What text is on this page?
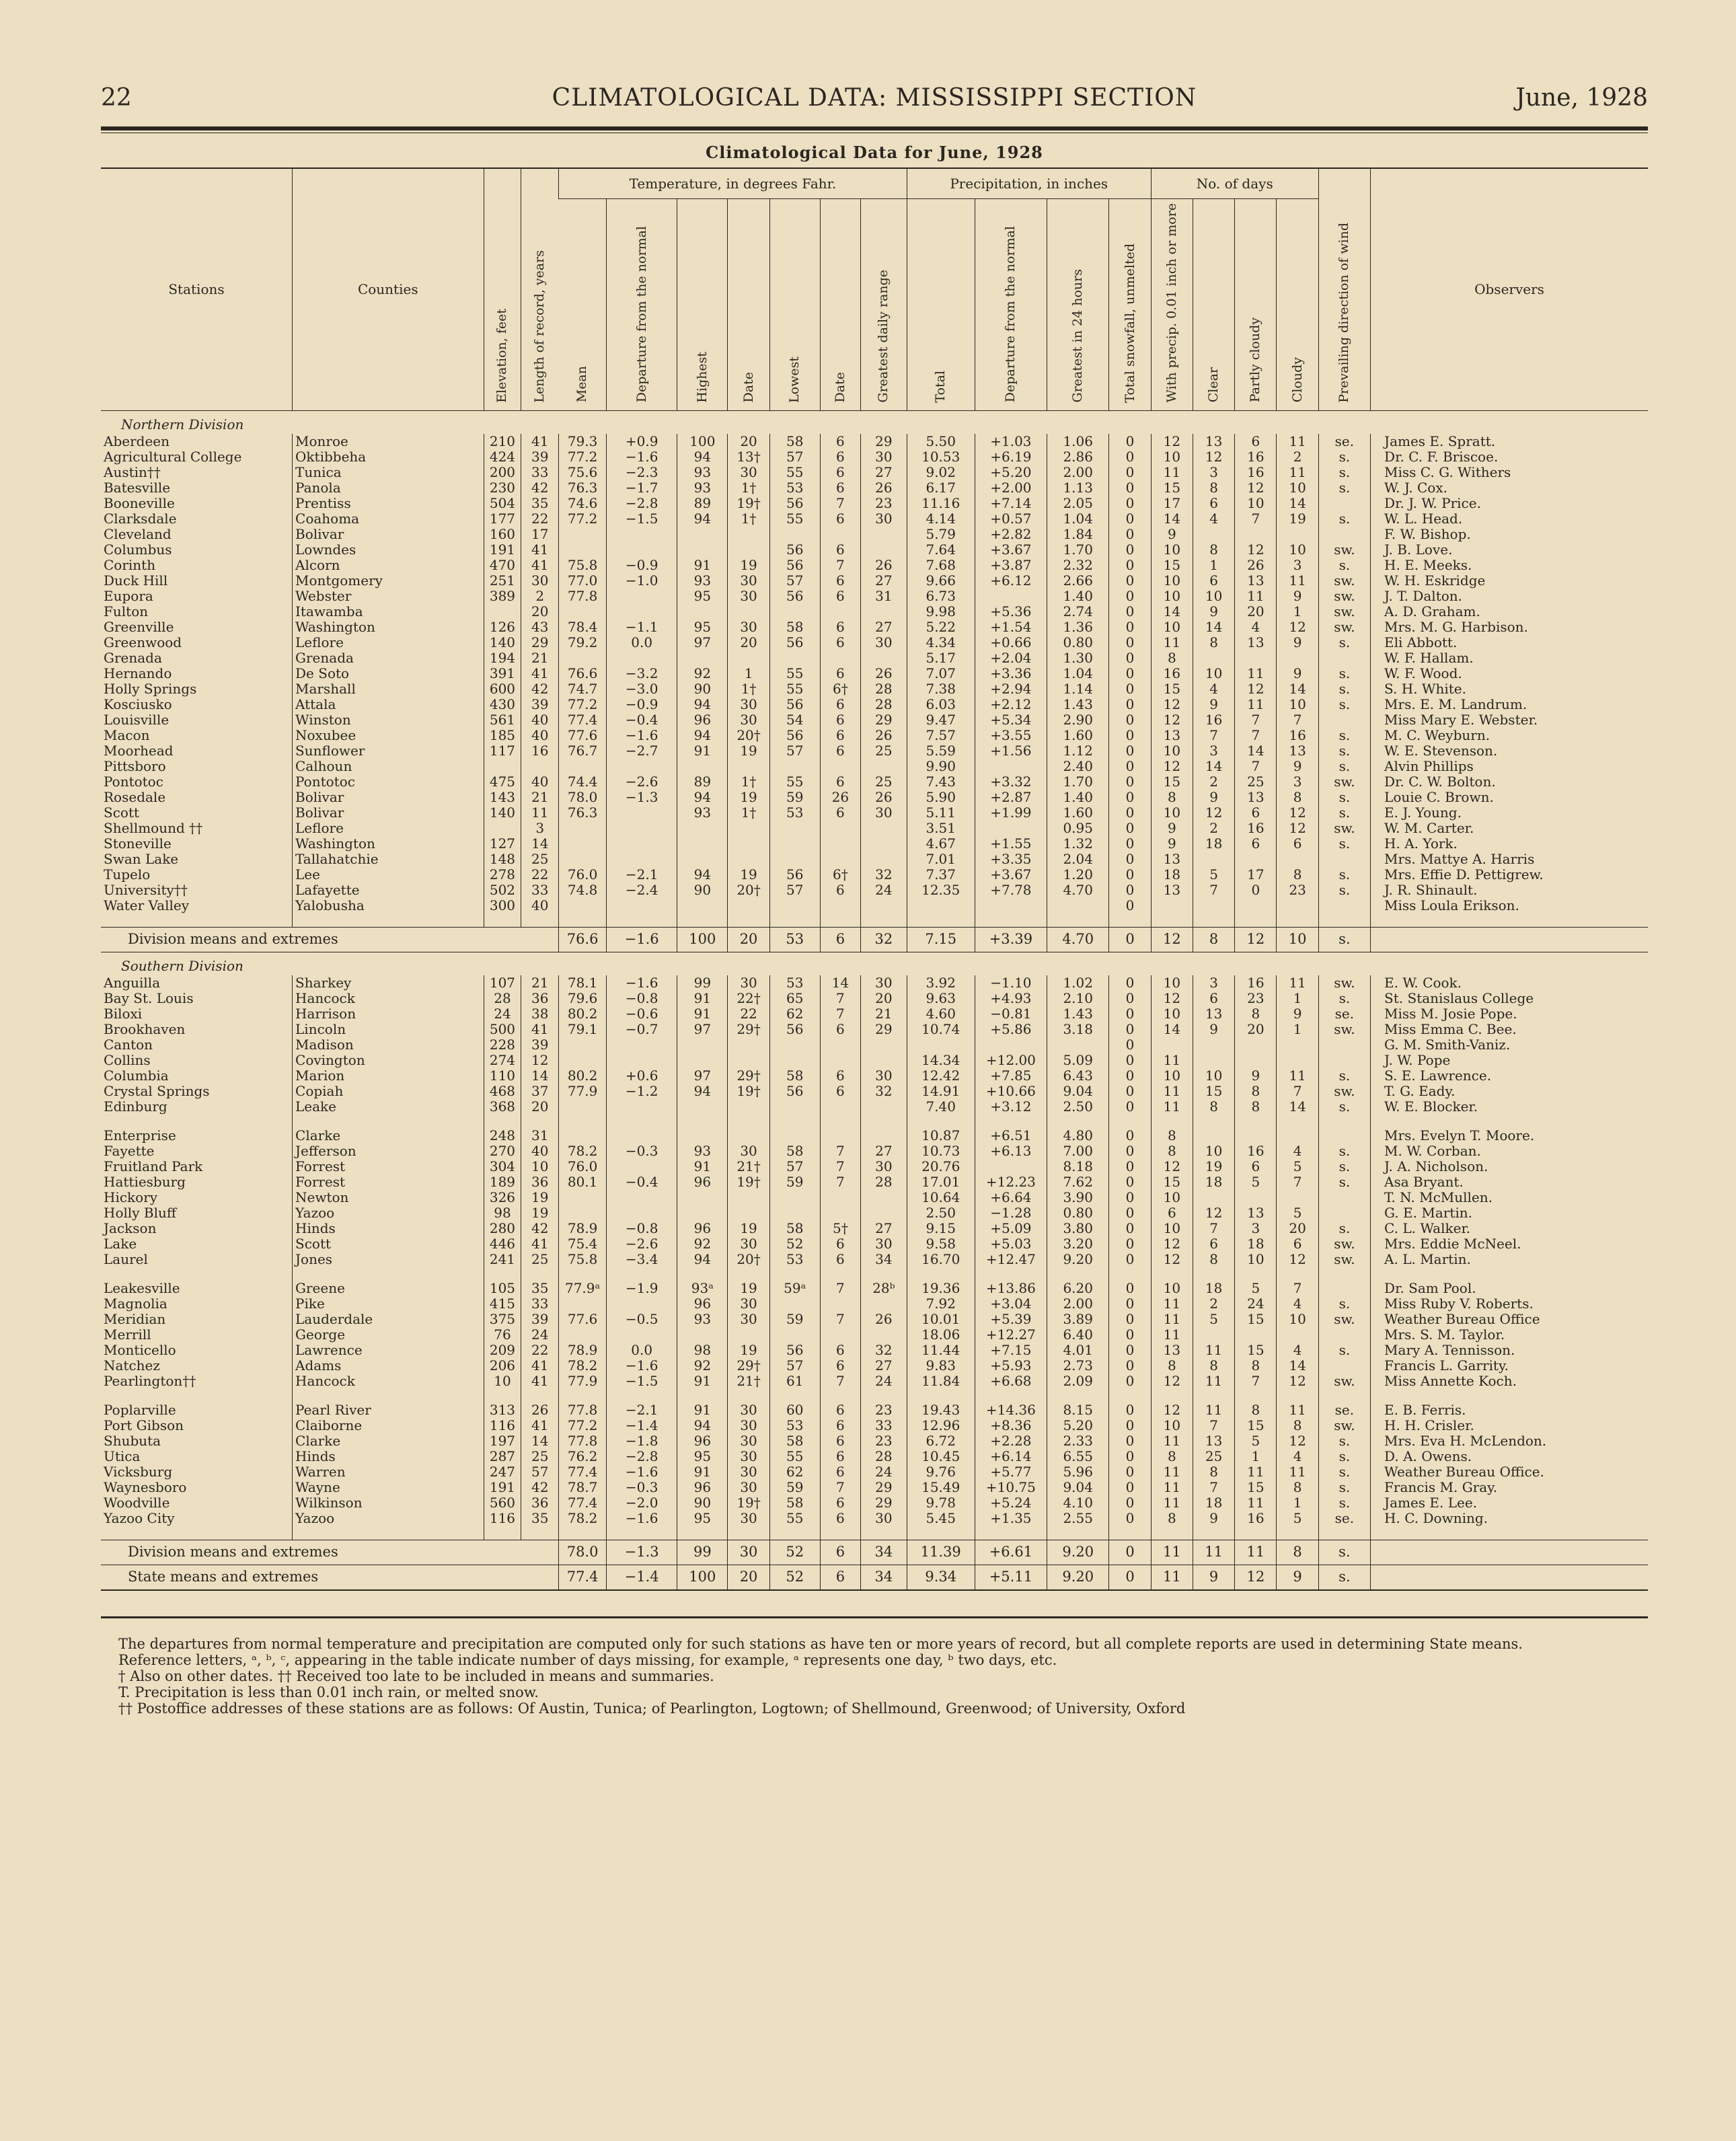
22	CLIMATOLOGICAL DATA: MISSISSIPPI SECTION	June, 1928
Climatological Data for June, 1928
Stations	Counties	Elevation, feet	Length of record, years	Temperature, in degrees Fahr.							Precipitation, in inches				No. of days				Prevailing direction of wind	Observers
				Mean	Departure from the normal	Highest	Date	Lowest	Date	Greatest daily range	Total	Departure from the normal	Greatest in 24 hours	Total snowfall, unmelted	With precip. 0.01 inch or more	Clear	Partly cloudy	Cloudy		
Northern Division																				
Aberdeen	Monroe	210	41	79.3	+0.9	100	20	58	6	29	5.50	+1.03	1.06	0	12	13	6	11	se.	James E. Spratt.
Agricultural College	Oktibbeha	424	39	77.2	−1.6	94	13†	57	6	30	10.53	+6.19	2.86	0	10	12	16	2	s.	Dr. C. F. Briscoe.
Austin††	Tunica	200	33	75.6	−2.3	93	30	55	6	27	9.02	+5.20	2.00	0	11	3	16	11	s.	Miss C. G. Withers
Batesville	Panola	230	42	76.3	−1.7	93	1†	53	6	26	6.17	+2.00	1.13	0	15	8	12	10	s.	W. J. Cox.
Booneville	Prentiss	504	35	74.6	−2.8	89	19†	56	7	23	11.16	+7.14	2.05	0	17	6	10	14		Dr. J. W. Price.
Clarksdale	Coahoma	177	22	77.2	−1.5	94	1†	55	6	30	4.14	+0.57	1.04	0	14	4	7	19	s.	W. L. Head.
Cleveland	Bolivar	160	17								5.79	+2.82	1.84	0	9					F. W. Bishop.
Columbus	Lowndes	191	41					56	6		7.64	+3.67	1.70	0	10	8	12	10	sw.	J. B. Love.
Corinth	Alcorn	470	41	75.8	−0.9	91	19	56	7	26	7.68	+3.87	2.32	0	15	1	26	3	s.	H. E. Meeks.
Duck Hill	Montgomery	251	30	77.0	−1.0	93	30	57	6	27	9.66	+6.12	2.66	0	10	6	13	11	sw.	W. H. Eskridge
Eupora	Webster	389	2	77.8		95	30	56	6	31	6.73		1.40	0	10	10	11	9	sw.	J. T. Dalton.
Fulton	Itawamba		20								9.98	+5.36	2.74	0	14	9	20	1	sw.	A. D. Graham.
Greenville	Washington	126	43	78.4	−1.1	95	30	58	6	27	5.22	+1.54	1.36	0	10	14	4	12	sw.	Mrs. M. G. Harbison.
Greenwood	Leflore	140	29	79.2	0.0	97	20	56	6	30	4.34	+0.66	0.80	0	11	8	13	9	s.	Eli Abbott.
Grenada	Grenada	194	21								5.17	+2.04	1.30	0	8					W. F. Hallam.
Hernando	De Soto	391	41	76.6	−3.2	92	1	55	6	26	7.07	+3.36	1.04	0	16	10	11	9	s.	W. F. Wood.
Holly Springs	Marshall	600	42	74.7	−3.0	90	1†	55	6†	28	7.38	+2.94	1.14	0	15	4	12	14	s.	S. H. White.
Kosciusko	Attala	430	39	77.2	−0.9	94	30	56	6	28	6.03	+2.12	1.43	0	12	9	11	10	s.	Mrs. E. M. Landrum.
Louisville	Winston	561	40	77.4	−0.4	96	30	54	6	29	9.47	+5.34	2.90	0	12	16	7	7		Miss Mary E. Webster.
Macon	Noxubee	185	40	77.6	−1.6	94	20†	56	6	26	7.57	+3.55	1.60	0	13	7	7	16	s.	M. C. Weyburn.
Moorhead	Sunflower	117	16	76.7	−2.7	91	19	57	6	25	5.59	+1.56	1.12	0	10	3	14	13	s.	W. E. Stevenson.
Pittsboro	Calhoun										9.90		2.40	0	12	14	7	9	s.	Alvin Phillips
Pontotoc	Pontotoc	475	40	74.4	−2.6	89	1†	55	6	25	7.43	+3.32	1.70	0	15	2	25	3	sw.	Dr. C. W. Bolton.
Rosedale	Bolivar	143	21	78.0	−1.3	94	19	59	26	26	5.90	+2.87	1.40	0	8	9	13	8	s.	Louie C. Brown.
Scott	Bolivar	140	11	76.3		93	1†	53	6	30	5.11	+1.99	1.60	0	10	12	6	12	s.	E. J. Young.
Shellmound ††	Leflore		3								3.51		0.95	0	9	2	16	12	sw.	W. M. Carter.
Stoneville	Washington	127	14								4.67	+1.55	1.32	0	9	18	6	6	s.	H. A. York.
Swan Lake	Tallahatchie	148	25								7.01	+3.35	2.04	0	13					Mrs. Mattye A. Harris
Tupelo	Lee	278	22	76.0	−2.1	94	19	56	6†	32	7.37	+3.67	1.20	0	18	5	17	8	s.	Mrs. Effie D. Pettigrew.
University††	Lafayette	502	33	74.8	−2.4	90	20†	57	6	24	12.35	+7.78	4.70	0	13	7	0	23	s.	J. R. Shinault.
Water Valley	Yalobusha	300	40											0						Miss Loula Erikson.

Division means and extremes				76.6	−1.6	100	20	53	6	32	7.15	+3.39	4.70	0	12	8	12	10	s.	
Southern Division																				
Anguilla	Sharkey	107	21	78.1	−1.6	99	30	53	14	30	3.92	−1.10	1.02	0	10	3	16	11	sw.	E. W. Cook.
Bay St. Louis	Hancock	28	36	79.6	−0.8	91	22†	65	7	20	9.63	+4.93	2.10	0	12	6	23	1	s.	St. Stanislaus College
Biloxi	Harrison	24	38	80.2	−0.6	91	22	62	7	21	4.60	−0.81	1.43	0	10	13	8	9	se.	Miss M. Josie Pope.
Brookhaven	Lincoln	500	41	79.1	−0.7	97	29†	56	6	29	10.74	+5.86	3.18	0	14	9	20	1	sw.	Miss Emma C. Bee.
Canton	Madison	228	39											0						G. M. Smith-Vaniz.
Collins	Covington	274	12								14.34	+12.00	5.09	0	11					J. W. Pope
Columbia	Marion	110	14	80.2	+0.6	97	29†	58	6	30	12.42	+7.85	6.43	0	10	10	9	11	s.	S. E. Lawrence.
Crystal Springs	Copiah	468	37	77.9	−1.2	94	19†	56	6	32	14.91	+10.66	9.04	0	11	15	8	7	sw.	T. G. Eady.
Edinburg	Leake	368	20								7.40	+3.12	2.50	0	11	8	8	14	s.	W. E. Blocker.

Enterprise	Clarke	248	31								10.87	+6.51	4.80	0	8					Mrs. Evelyn T. Moore.
Fayette	Jefferson	270	40	78.2	−0.3	93	30	58	7	27	10.73	+6.13	7.00	0	8	10	16	4	s.	M. W. Corban.
Fruitland Park	Forrest	304	10	76.0		91	21†	57	7	30	20.76		8.18	0	12	19	6	5	s.	J. A. Nicholson.
Hattiesburg	Forrest	189	36	80.1	−0.4	96	19†	59	7	28	17.01	+12.23	7.62	0	15	18	5	7	s.	Asa Bryant.
Hickory	Newton	326	19								10.64	+6.64	3.90	0	10					T. N. McMullen.
Holly Bluff	Yazoo	98	19								2.50	−1.28	0.80	0	6	12	13	5		G. E. Martin.
Jackson	Hinds	280	42	78.9	−0.8	96	19	58	5†	27	9.15	+5.09	3.80	0	10	7	3	20	s.	C. L. Walker.
Lake	Scott	446	41	75.4	−2.6	92	30	52	6	30	9.58	+5.03	3.20	0	12	6	18	6	sw.	Mrs. Eddie McNeel.
Laurel	Jones	241	25	75.8	−3.4	94	20†	53	6	34	16.70	+12.47	9.20	0	12	8	10	12	sw.	A. L. Martin.

Leakesville	Greene	105	35	77.9ᵃ	−1.9	93ᵃ	19	59ᵃ	7	28ᵇ	19.36	+13.86	6.20	0	10	18	5	7		Dr. Sam Pool.
Magnolia	Pike	415	33			96	30				7.92	+3.04	2.00	0	11	2	24	4	s.	Miss Ruby V. Roberts.
Meridian	Lauderdale	375	39	77.6	−0.5	93	30	59	7	26	10.01	+5.39	3.89	0	11	5	15	10	sw.	Weather Bureau Office
Merrill	George	76	24								18.06	+12.27	6.40	0	11					Mrs. S. M. Taylor.
Monticello	Lawrence	209	22	78.9	0.0	98	19	56	6	32	11.44	+7.15	4.01	0	13	11	15	4	s.	Mary A. Tennisson.
Natchez	Adams	206	41	78.2	−1.6	92	29†	57	6	27	9.83	+5.93	2.73	0	8	8	8	14		Francis L. Garrity.
Pearlington††	Hancock	10	41	77.9	−1.5	91	21†	61	7	24	11.84	+6.68	2.09	0	12	11	7	12	sw.	Miss Annette Koch.

Poplarville	Pearl River	313	26	77.8	−2.1	91	30	60	6	23	19.43	+14.36	8.15	0	12	11	8	11	se.	E. B. Ferris.
Port Gibson	Claiborne	116	41	77.2	−1.4	94	30	53	6	33	12.96	+8.36	5.20	0	10	7	15	8	sw.	H. H. Crisler.
Shubuta	Clarke	197	14	77.8	−1.8	96	30	58	6	23	6.72	+2.28	2.33	0	11	13	5	12	s.	Mrs. Eva H. McLendon.
Utica	Hinds	287	25	76.2	−2.8	95	30	55	6	28	10.45	+6.14	6.55	0	8	25	1	4	s.	D. A. Owens.
Vicksburg	Warren	247	57	77.4	−1.6	91	30	62	6	24	9.76	+5.77	5.96	0	11	8	11	11	s.	Weather Bureau Office.
Waynesboro	Wayne	191	42	78.7	−0.3	96	30	59	7	29	15.49	+10.75	9.04	0	11	7	15	8	s.	Francis M. Gray.
Woodville	Wilkinson	560	36	77.4	−2.0	90	19†	58	6	29	9.78	+5.24	4.10	0	11	18	11	1	s.	James E. Lee.
Yazoo City	Yazoo	116	35	78.2	−1.6	95	30	55	6	30	5.45	+1.35	2.55	0	8	9	16	5	se.	H. C. Downing.

Division means and extremes				78.0	−1.3	99	30	52	6	34	11.39	+6.61	9.20	0	11	11	11	8	s.	
State means and extremes				77.4	−1.4	100	20	52	6	34	9.34	+5.11	9.20	0	11	9	12	9	s.	

The departures from normal temperature and precipitation are computed only for such stations as have ten or more years of record, but all complete reports are used in determining State means.

Reference letters, ᵃ, ᵇ, ᶜ, appearing in the table indicate number of days missing, for example, ᵃ represents one day, ᵇ two days, etc.

† Also on other dates. †† Received too late to be included in means and summaries.

T. Precipitation is less than 0.01 inch rain, or melted snow.

†† Postoffice addresses of these stations are as follows: Of Austin, Tunica; of Pearlington, Logtown; of Shellmound, Greenwood; of University, Oxford
